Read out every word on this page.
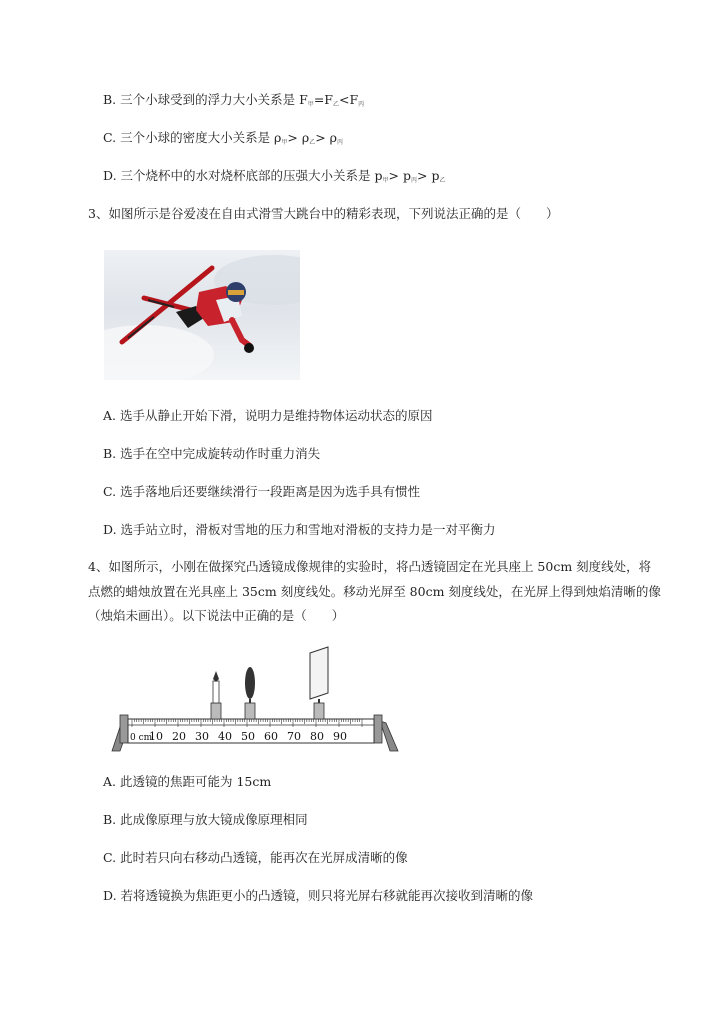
B. 三个小球受到的浮力大小关系是 $F_甲=F_乙<F_丙$
C. 三个小球的密度大小关系是 $\rho_甲> \rho_乙> \rho_丙$
D. 三个烧杯中的水对烧杯底部的压强大小关系是 $p_甲> p_丙> p_乙$
3、如图所示是谷爱凌在自由式滑雪大跳台中的精彩表现，下列说法正确的是（　　）
A. 选手从静止开始下滑，说明力是维持物体运动状态的原因
B. 选手在空中完成旋转动作时重力消失
C. 选手落地后还要继续滑行一段距离是因为选手具有惯性
D. 选手站立时，滑板对雪地的压力和雪地对滑板的支持力是一对平衡力
4、如图所示，小刚在做探究凸透镜成像规律的实验时，将凸透镜固定在光具座上 50cm 刻度线处，将
点燃的蜡烛放置在光具座上 35cm 刻度线处。移动光屏至 80cm 刻度线处，在光屏上得到烛焰清晰的像
（烛焰未画出）。以下说法中正确的是（　　）
0 cm
10 20 30 40 50 60 70 80 90
A. 此透镜的焦距可能为 15cm
B. 此成像原理与放大镜成像原理相同
C. 此时若只向右移动凸透镜，能再次在光屏成清晰的像
D. 若将透镜换为焦距更小的凸透镜，则只将光屏右移就能再次接收到清晰的像
